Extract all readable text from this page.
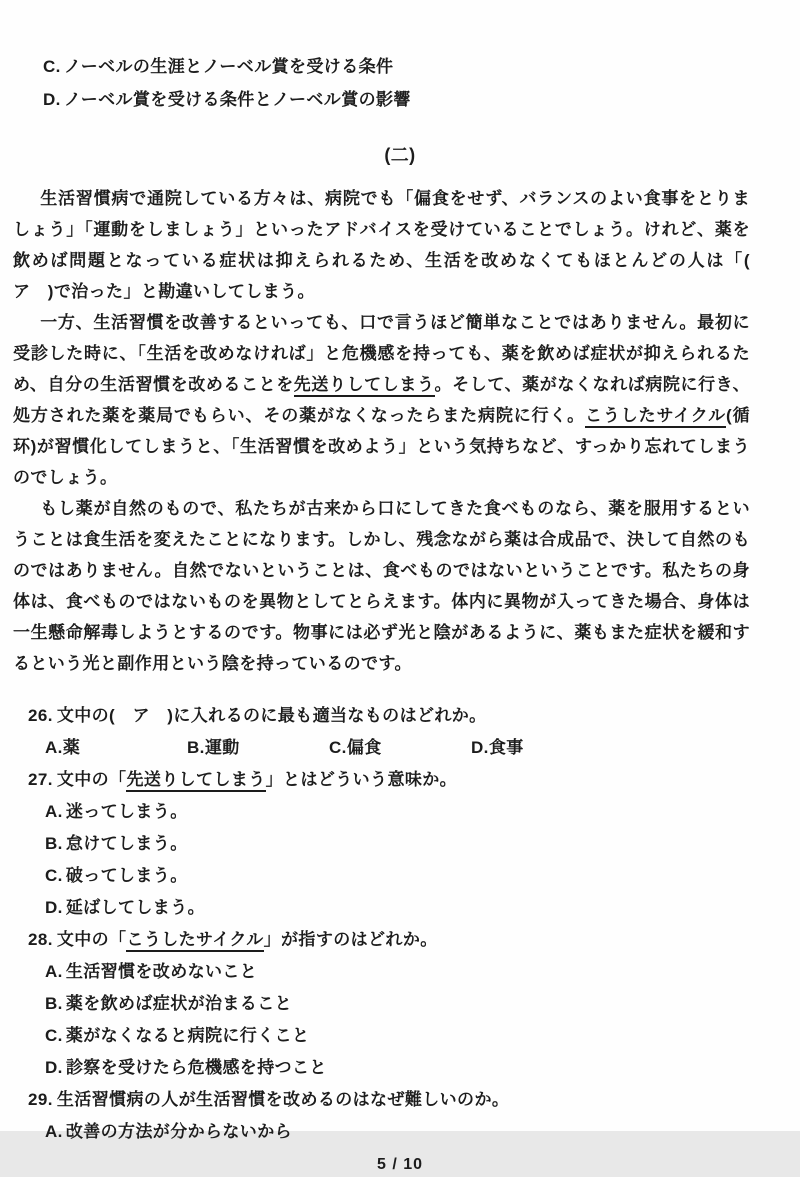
C. ノーベルの生涯とノーベル賞を受ける条件
D. ノーベル賞を受ける条件とノーベル賞の影響
(二)

生活習慣病で通院している方々は、病院でも「偏食をせず、バランスのよい食事をとりましょう」「運動をしましょう」といったアドバイスを受けていることでしょう。けれど、薬を飲めば問題となっている症状は抑えられるため、生活を改めなくてもほとんどの人は「(　ア　)で治った」と勘違いしてしまう。

一方、生活習慣を改善するといっても、口で言うほど簡単なことではありません。最初に受診した時に、「生活を改めなければ」と危機感を持っても、薬を飲めば症状が抑えられるため、自分の生活習慣を改めることを先送りしてしまう。そして、薬がなくなれば病院に行き、処方された薬を薬局でもらい、その薬がなくなったらまた病院に行く。こうしたサイクル(循环)が習慣化してしまうと、「生活習慣を改めよう」という気持ちなど、すっかり忘れてしまうのでしょう。

もし薬が自然のもので、私たちが古来から口にしてきた食べものなら、薬を服用するということは食生活を変えたことになります。しかし、残念ながら薬は合成品で、決して自然のものではありません。自然でないということは、食べものではないということです。私たちの身体は、食べものではないものを異物としてとらえます。体内に異物が入ってきた場合、身体は一生懸命解毒しようとするのです。物事には必ず光と陰があるように、薬もまた症状を緩和するという光と副作用という陰を持っているのです。

26. 文中の(　ア　)に入れるのに最も適当なものはどれか。
A.薬	B.運動	C.偏食	D.食事
27. 文中の「先送りしてしまう」とはどういう意味か。
A. 迷ってしまう。
B. 怠けてしまう。
C. 破ってしまう。
D. 延ばしてしまう。
28. 文中の「こうしたサイクル」が指すのはどれか。
A. 生活習慣を改めないこと
B. 薬を飲めば症状が治まること
C. 薬がなくなると病院に行くこと
D. 診察を受けたら危機感を持つこと
29. 生活習慣病の人が生活習慣を改めるのはなぜ難しいのか。
A. 改善の方法が分からないから
5 / 10
